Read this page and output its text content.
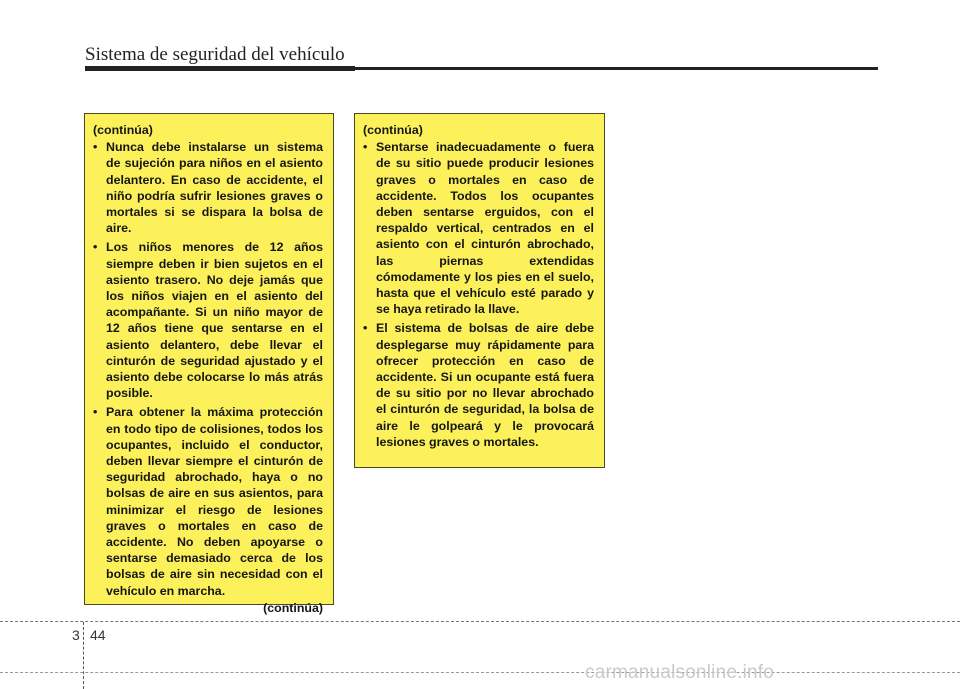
Sistema de seguridad del vehículo
(continúa)
• Nunca debe instalarse un sistema de sujeción para niños en el asiento delantero. En caso de accidente, el niño podría sufrir lesiones graves o mortales si se dispara la bolsa de aire.
• Los niños menores de 12 años siempre deben ir bien sujetos en el asiento trasero. No deje jamás que los niños viajen en el asiento del acompañante. Si un niño mayor de 12 años tiene que sentarse en el asiento delantero, debe llevar el cinturón de seguridad ajustado y el asiento debe colocarse lo más atrás posible.
• Para obtener la máxima protección en todo tipo de colisiones, todos los ocupantes, incluido el conductor, deben llevar siempre el cinturón de seguridad abrochado, haya o no bolsas de aire en sus asientos, para minimizar el riesgo de lesiones graves o mortales en caso de accidente. No deben apoyarse o sentarse demasiado cerca de los bolsas de aire sin necesidad con el vehículo en marcha.
(continúa)
(continúa)
• Sentarse inadecuadamente o fuera de su sitio puede producir lesiones graves o mortales en caso de accidente. Todos los ocupantes deben sentarse erguidos, con el respaldo vertical, centrados en el asiento con el cinturón abrochado, las piernas extendidas cómodamente y los pies en el suelo, hasta que el vehículo esté parado y se haya retirado la llave.
• El sistema de bolsas de aire debe desplegarse muy rápidamente para ofrecer protección en caso de accidente. Si un ocupante está fuera de su sitio por no llevar abrochado el cinturón de seguridad, la bolsa de aire le golpeará y le provocará lesiones graves o mortales.
3 44
carmanualsonline.info
